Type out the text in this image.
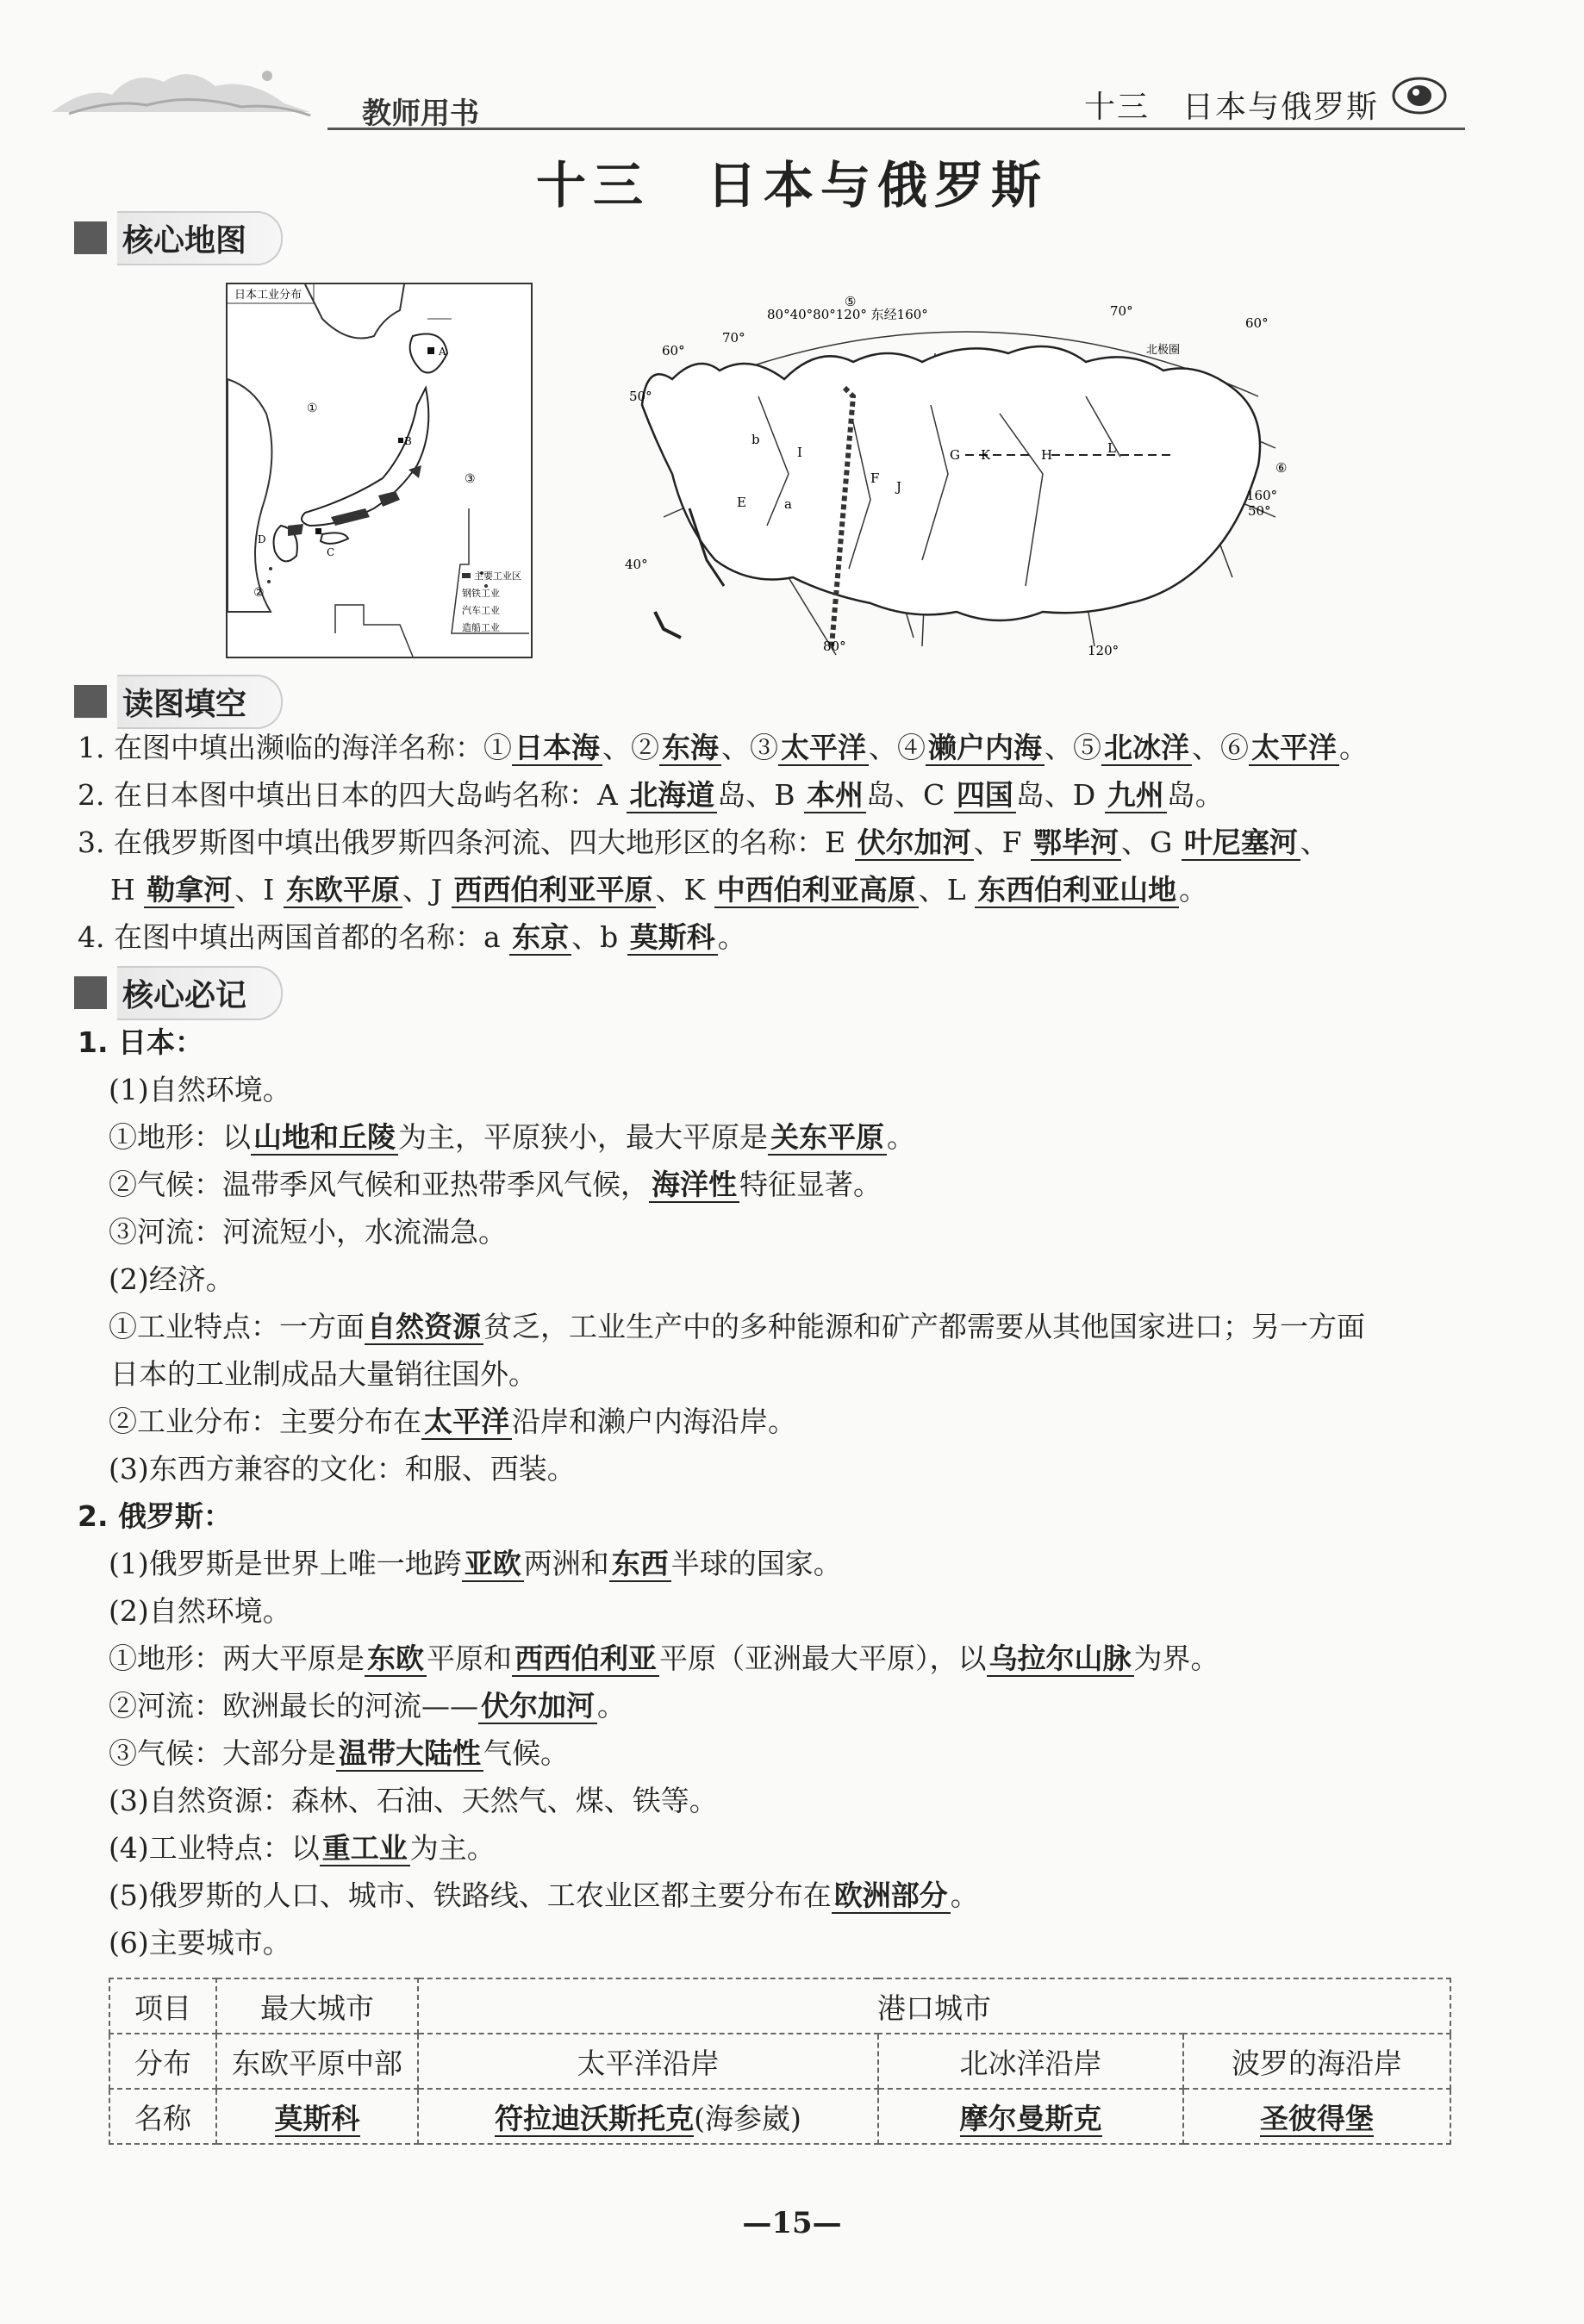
教师用书	十三　日本与俄罗斯
十三　日本与俄罗斯
核心地图
日本工业分布
A
B
C
D
①
②
③
主要工业区
钢铁工业
汽车工业
造船工业
80°40°80°120° 东经160°
⑤
70°
60°
70°
60°
50°
40°
80°	120°
160°
50°
⑥
北极圈
E
F
G	H
I
J
K	L
a
b
读图填空
1. 在图中填出濒临的海洋名称：①日本海、②东海、③太平洋、④濑户内海、⑤北冰洋、⑥太平洋。
2. 在日本图中填出日本的四大岛屿名称：A 北海道岛、B 本州岛、C 四国岛、D 九州岛。
3. 在俄罗斯图中填出俄罗斯四条河流、四大地形区的名称：E 伏尔加河、F 鄂毕河、G 叶尼塞河、
H 勒拿河、I 东欧平原、J 西西伯利亚平原、K 中西伯利亚高原、L 东西伯利亚山地。
4. 在图中填出两国首都的名称：a 东京、b 莫斯科。
核心必记
1. 日本：
(1)自然环境。
①地形：以山地和丘陵为主，平原狭小，最大平原是关东平原。
②气候：温带季风气候和亚热带季风气候，海洋性特征显著。
③河流：河流短小，水流湍急。
(2)经济。
①工业特点：一方面自然资源贫乏，工业生产中的多种能源和矿产都需要从其他国家进口；另一方面
日本的工业制成品大量销往国外。
②工业分布：主要分布在太平洋沿岸和濑户内海沿岸。
(3)东西方兼容的文化：和服、西装。
2. 俄罗斯：
(1)俄罗斯是世界上唯一地跨亚欧两洲和东西半球的国家。
(2)自然环境。
①地形：两大平原是东欧平原和西西伯利亚平原（亚洲最大平原），以乌拉尔山脉为界。
②河流：欧洲最长的河流——伏尔加河。
③气候：大部分是温带大陆性气候。
(3)自然资源：森林、石油、天然气、煤、铁等。
(4)工业特点：以重工业为主。
(5)俄罗斯的人口、城市、铁路线、工农业区都主要分布在欧洲部分。
(6)主要城市。
项目	最大城市	港口城市		
分布	东欧平原中部	太平洋沿岸	北冰洋沿岸	波罗的海沿岸
名称	莫斯科	符拉迪沃斯托克(海参崴)	摩尔曼斯克	圣彼得堡
—15—
